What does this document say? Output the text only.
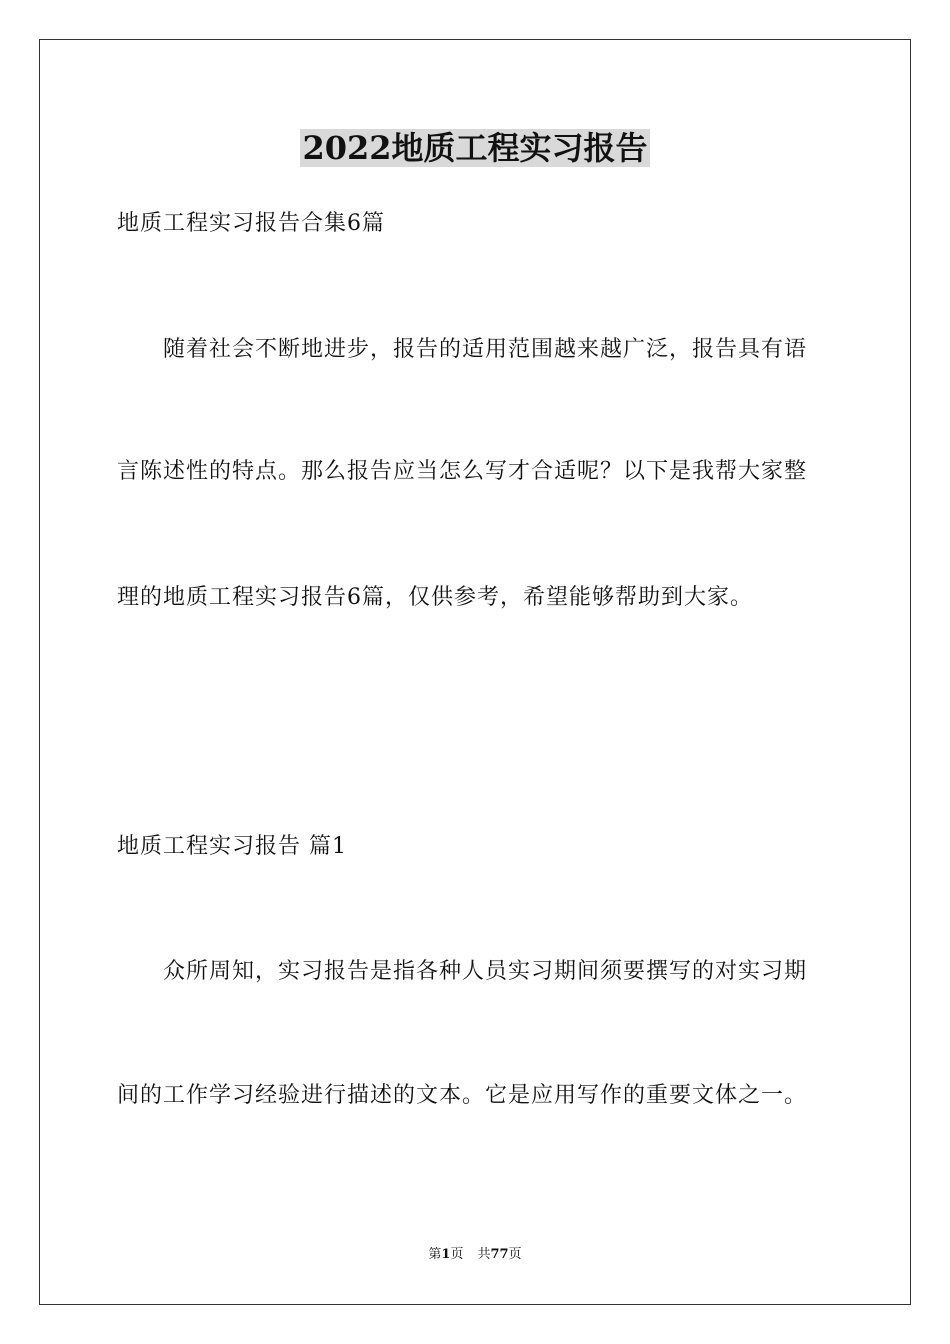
2022地质工程实习报告
地质工程实习报告合集6篇
随着社会不断地进步，报告的适用范围越来越广泛，报告具有语
言陈述性的特点。那么报告应当怎么写才合适呢？以下是我帮大家整
理的地质工程实习报告6篇，仅供参考，希望能够帮助到大家。
地质工程实习报告 篇1
众所周知，实习报告是指各种人员实习期间须要撰写的对实习期
间的工作学习经验进行描述的文本。它是应用写作的重要文体之一。
第1页 共77页
